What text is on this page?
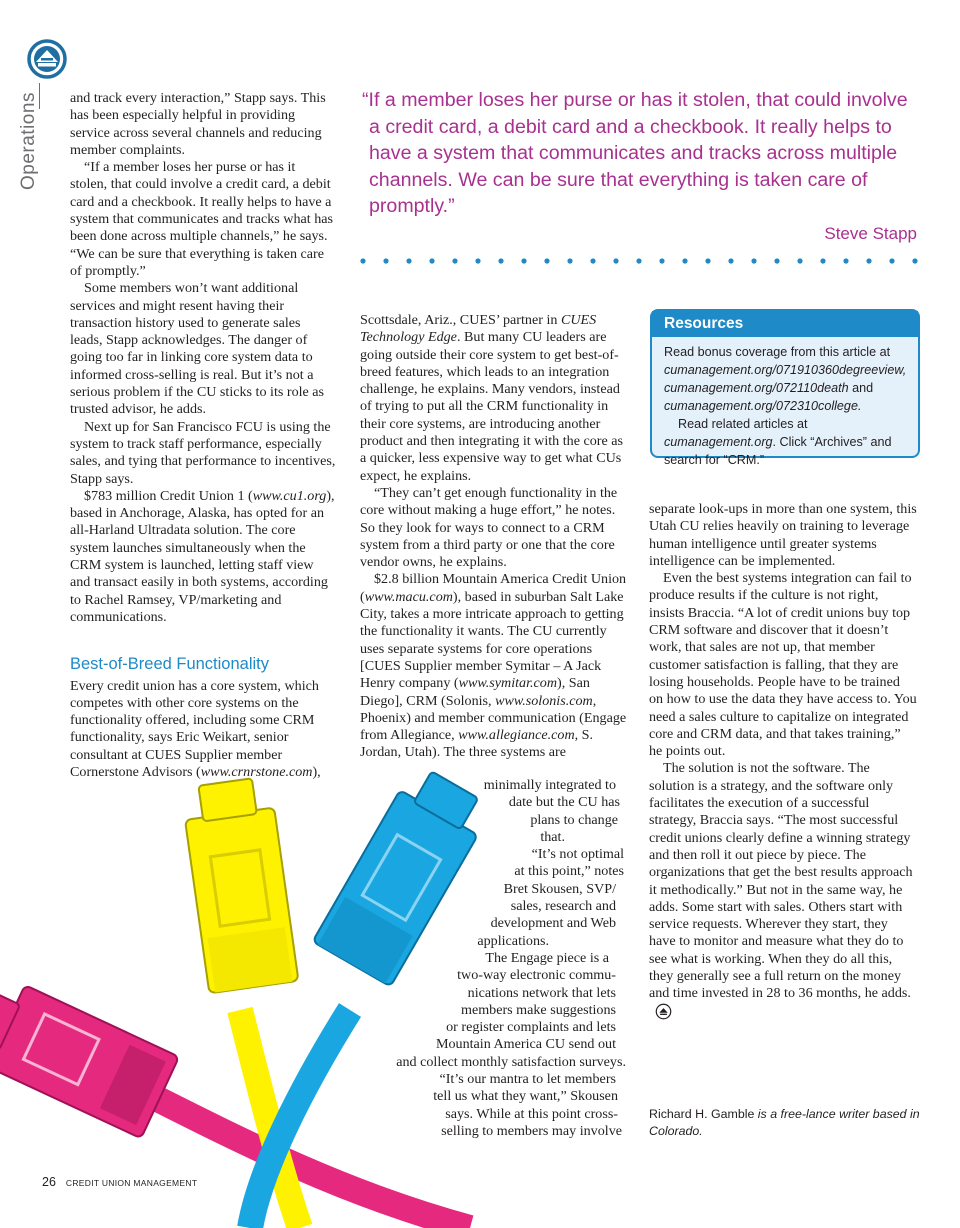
Operations and track every interaction,” Stapp says. This has been especially helpful in providing service across several channels and reducing member complaints.

“If a member loses her purse or has it stolen, that could involve a credit card, a debit card and a checkbook. It really helps to have a system that communicates and tracks what has been done across multiple channels,” he says. “We can be sure that everything is taken care of promptly.”

Some members won’t want additional services and might resent having their transaction history used to generate sales leads, Stapp acknowledges. The danger of going too far in linking core system data to informed cross-selling is real. But it’s not a serious problem if the CU sticks to its role as trusted advisor, he adds.

Next up for San Francisco FCU is using the system to track staff performance, especially sales, and tying that performance to incentives, Stapp says.

$783 million Credit Union 1 (www.cu1.org), based in Anchorage, Alaska, has opted for an all-Harland Ultradata solution. The core system launches simultaneously when the CRM system is launched, letting staff view and transact easily in both systems, according to Rachel Ramsey, VP/marketing and communications.

Best-of-Breed Functionality

Every credit union has a core system, which competes with other core systems on the functionality offered, including some CRM functionality, says Eric Weikart, senior consultant at CUES Supplier member Cornerstone Advisors (www.crnrstone.com),

“If a member loses her purse or has it stolen, that could involve a credit card, a debit card and a checkbook. It really helps to have a system that communicates and tracks across multiple channels. We can be sure that everything is taken care of promptly.”

Steve Stapp
Resources

Read bonus coverage from this article at

cumanagement.org/071910360degreeview,

cumanagement.org/072110death and

cumanagement.org/072310college.

Read related articles at cumanagement.org. Click “Archives” and search for “CRM.”

Scottsdale, Ariz., CUES’ partner in CUES Technology Edge. But many CU leaders are going outside their core system to get best-of-breed features, which leads to an integration challenge, he explains. Many vendors, instead of trying to put all the CRM functionality in their core systems, are introducing another product and then integrating it with the core as a quicker, less expensive way to get what CUs expect, he explains.

“They can’t get enough functionality in the core without making a huge effort,” he notes. So they look for ways to connect to a CRM system from a third party or one that the core vendor owns, he explains.

$2.8 billion Mountain America Credit Union (www.macu.com), based in suburban Salt Lake City, takes a more intricate approach to getting the functionality it wants. The CU currently uses separate systems for core operations [CUES Supplier member Symitar – A Jack Henry company (www.symitar.com), San Diego], CRM (Solonis, www.solonis.com, Phoenix) and member communication (Engage from Allegiance, www.allegiance.com, S. Jordan, Utah). The three systems are

minimally integrated to
date but the CU has
plans to change
that.
“It’s not optimal
at this point,” notes
Bret Skousen, SVP/
sales, research and
development and Web
applications.
The Engage piece is a
two-way electronic commu-
nications network that lets
members make suggestions
or register complaints and lets
Mountain America CU send out
and collect monthly satisfaction surveys.
“It’s our mantra to let members
tell us what they want,” Skousen
says. While at this point cross-
selling to members may involve

separate look-ups in more than one system, this Utah CU relies heavily on training to leverage human intelligence until greater systems intelligence can be implemented.

Even the best systems integration can fail to produce results if the culture is not right, insists Braccia. “A lot of credit unions buy top CRM software and discover that it doesn’t work, that sales are not up, that member customer satisfaction is falling, that they are losing households. People have to be trained on how to use the data they have access to. You need a sales culture to capitalize on integrated core and CRM data, and that takes training,” he points out.

The solution is not the software. The solution is a strategy, and the software only facilitates the execution of a successful strategy, Braccia says. “The most successful credit unions clearly define a winning strategy and then roll it out piece by piece. The organizations that get the best results approach it methodically.” But not in the same way, he adds. Some start with sales. Others start with service requests. Wherever they start, they have to monitor and measure what they do to see what is working. When they do all this, they generally see a full return on the money and time invested in 28 to 36 months, he adds.

Richard H. Gamble is a free-lance writer based in Colorado.
26 CREDIT UNION MANAGEMENT
